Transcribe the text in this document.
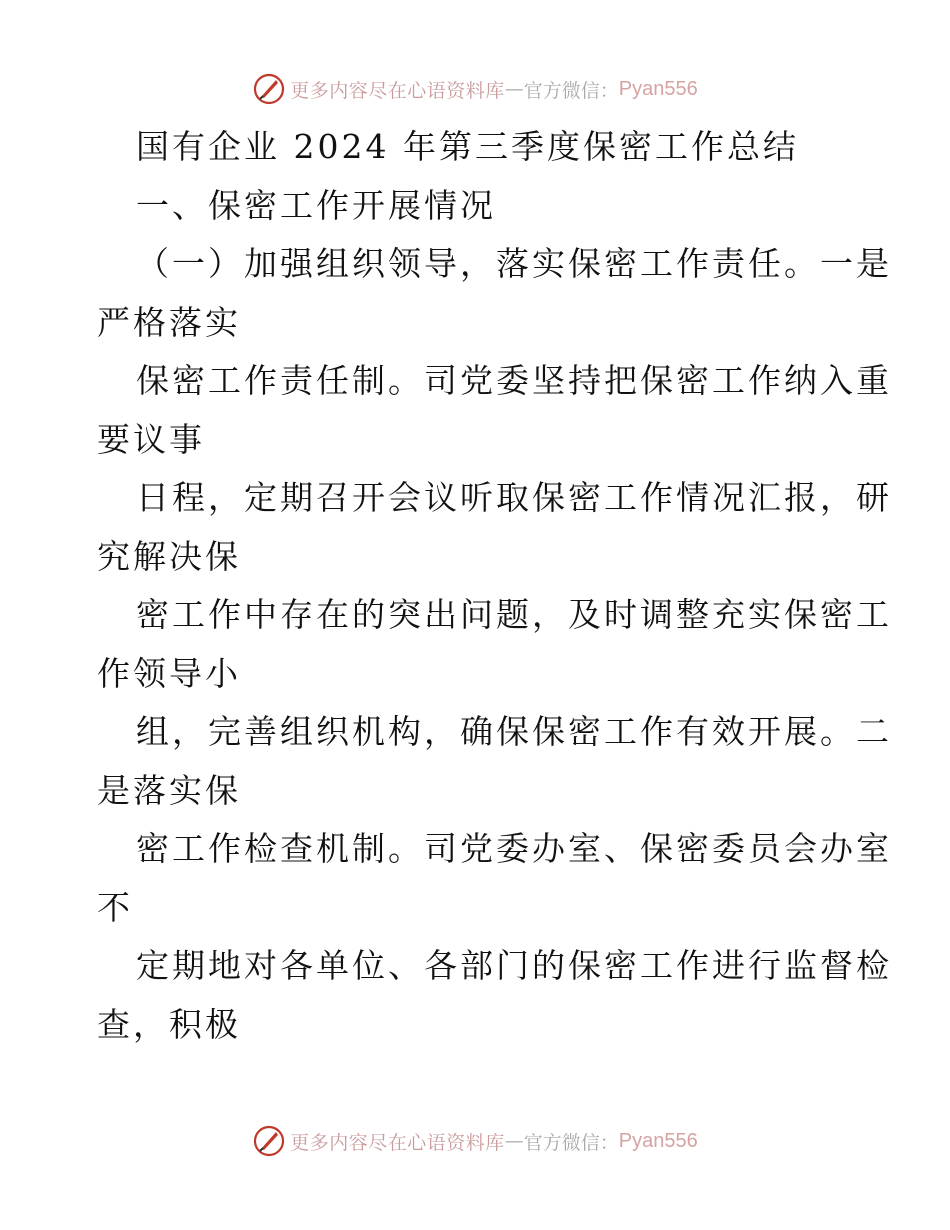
更多内容尽在心语资料库 — 官方微信： Pyan556
国有企业 2024 年第三季度保密工作总结
一、保密工作开展情况
（一）加强组织领导，落实保密工作责任。一是
严格落实
保密工作责任制。司党委坚持把保密工作纳入重
要议事
日程，定期召开会议听取保密工作情况汇报，研
究解决保
密工作中存在的突出问题，及时调整充实保密工
作领导小
组，完善组织机构，确保保密工作有效开展。二
是落实保
密工作检查机制。司党委办室、保密委员会办室
不
定期地对各单位、各部门的保密工作进行监督检
查，积极
更多内容尽在心语资料库 — 官方微信： Pyan556
